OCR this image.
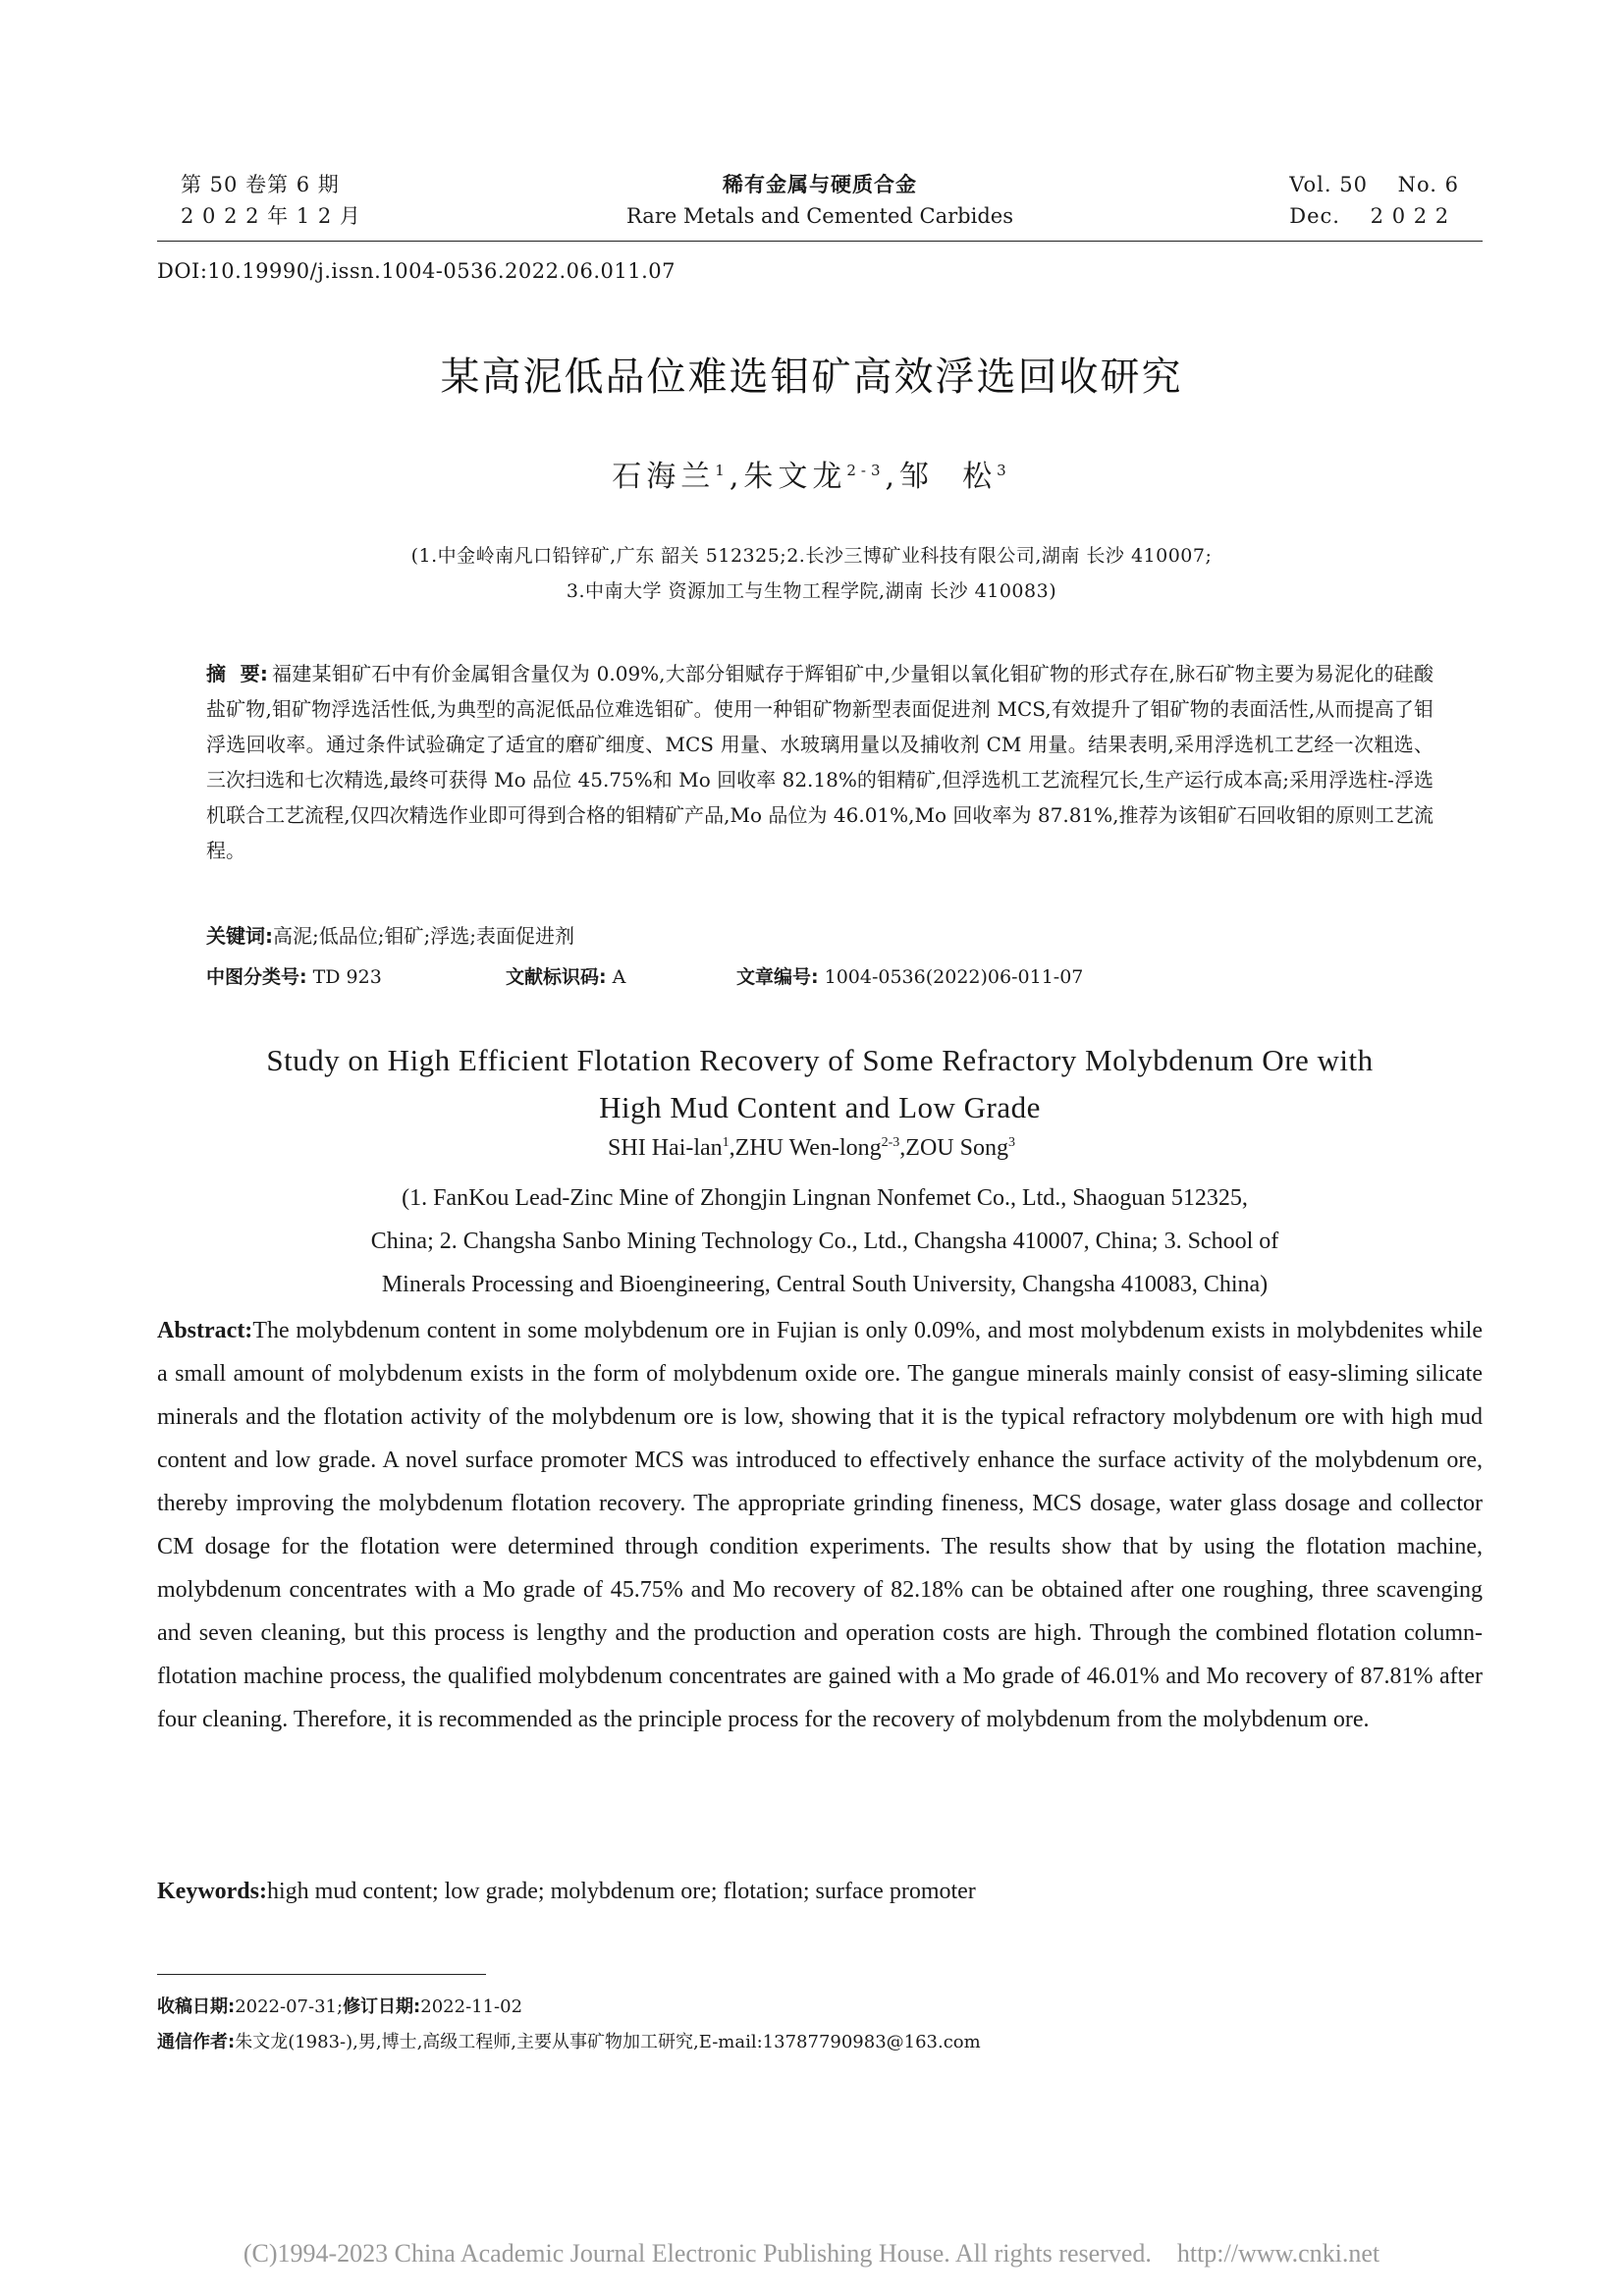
第 50 卷第 6 期
2 0 2 2 年 1 2 月
稀有金属与硬质合金
Rare Metals and Cemented Carbides
Vol. 50    No. 6
Dec.    2 0 2 2
DOI:10.19990/j.issn.1004-0536.2022.06.011.07
某高泥低品位难选钼矿高效浮选回收研究
石海兰$^1$,朱文龙$^{2-3}$,邹  松$^3$
(1.中金岭南凡口铅锌矿,广东 韶关 512325;2.长沙三博矿业科技有限公司,湖南 长沙 410007;
3.中南大学 资源加工与生物工程学院,湖南 长沙 410083)
摘  要: 福建某钼矿石中有价金属钼含量仅为 0.09%,大部分钼赋存于辉钼矿中,少量钼以氧化钼矿物的形式存在,脉石矿物主要为易泥化的硅酸盐矿物,钼矿物浮选活性低,为典型的高泥低品位难选钼矿。使用一种钼矿物新型表面促进剂 MCS,有效提升了钼矿物的表面活性,从而提高了钼浮选回收率。通过条件试验确定了适宜的磨矿细度、MCS 用量、水玻璃用量以及捕收剂 CM 用量。结果表明,采用浮选机工艺经一次粗选、三次扫选和七次精选,最终可获得 Mo 品位 45.75%和 Mo 回收率 82.18%的钼精矿,但浮选机工艺流程冗长,生产运行成本高;采用浮选柱-浮选机联合工艺流程,仅四次精选作业即可得到合格的钼精矿产品,Mo 品位为 46.01%,Mo 回收率为 87.81%,推荐为该钼矿石回收钼的原则工艺流程。
关键词:高泥;低品位;钼矿;浮选;表面促进剂
中图分类号: TD 923	文献标识码: A	文章编号: 1004-0536(2022)06-011-07
Study on High Efficient Flotation Recovery of Some Refractory Molybdenum Ore with
High Mud Content and Low Grade
SHI Hai-lan$^1$,ZHU Wen-long$^{2-3}$,ZOU Song$^3$
(1. FanKou Lead-Zinc Mine of Zhongjin Lingnan Nonfemet Co., Ltd., Shaoguan 512325,
China; 2. Changsha Sanbo Mining Technology Co., Ltd., Changsha 410007, China; 3. School of
Minerals Processing and Bioengineering, Central South University, Changsha 410083, China)
Abstract:The molybdenum content in some molybdenum ore in Fujian is only 0.09%, and most molybdenum exists in molybdenites while a small amount of molybdenum exists in the form of molybdenum oxide ore. The gangue minerals mainly consist of easy-sliming silicate minerals and the flotation activity of the molybdenum ore is low, showing that it is the typical refractory molybdenum ore with high mud content and low grade. A novel surface promoter MCS was introduced to effectively enhance the surface activity of the molybdenum ore, thereby improving the molybdenum flotation recovery. The appropriate grinding fineness, MCS dosage, water glass dosage and collector CM dosage for the flotation were determined through condition experiments. The results show that by using the flotation machine, molybdenum concentrates with a Mo grade of 45.75% and Mo recovery of 82.18% can be obtained after one roughing, three scavenging and seven cleaning, but this process is lengthy and the production and operation costs are high. Through the combined flotation column-flotation machine process, the qualified molybdenum concentrates are gained with a Mo grade of 46.01% and Mo recovery of 87.81% after four cleaning. Therefore, it is recommended as the principle process for the recovery of molybdenum from the molybdenum ore.
Keywords:high mud content; low grade; molybdenum ore; flotation; surface promoter
收稿日期:2022-07-31;修订日期:2022-11-02
通信作者:朱文龙(1983-),男,博士,高级工程师,主要从事矿物加工研究,E-mail:13787790983@163.com
(C)1994-2023 China Academic Journal Electronic Publishing House. All rights reserved.    http://www.cnki.net
